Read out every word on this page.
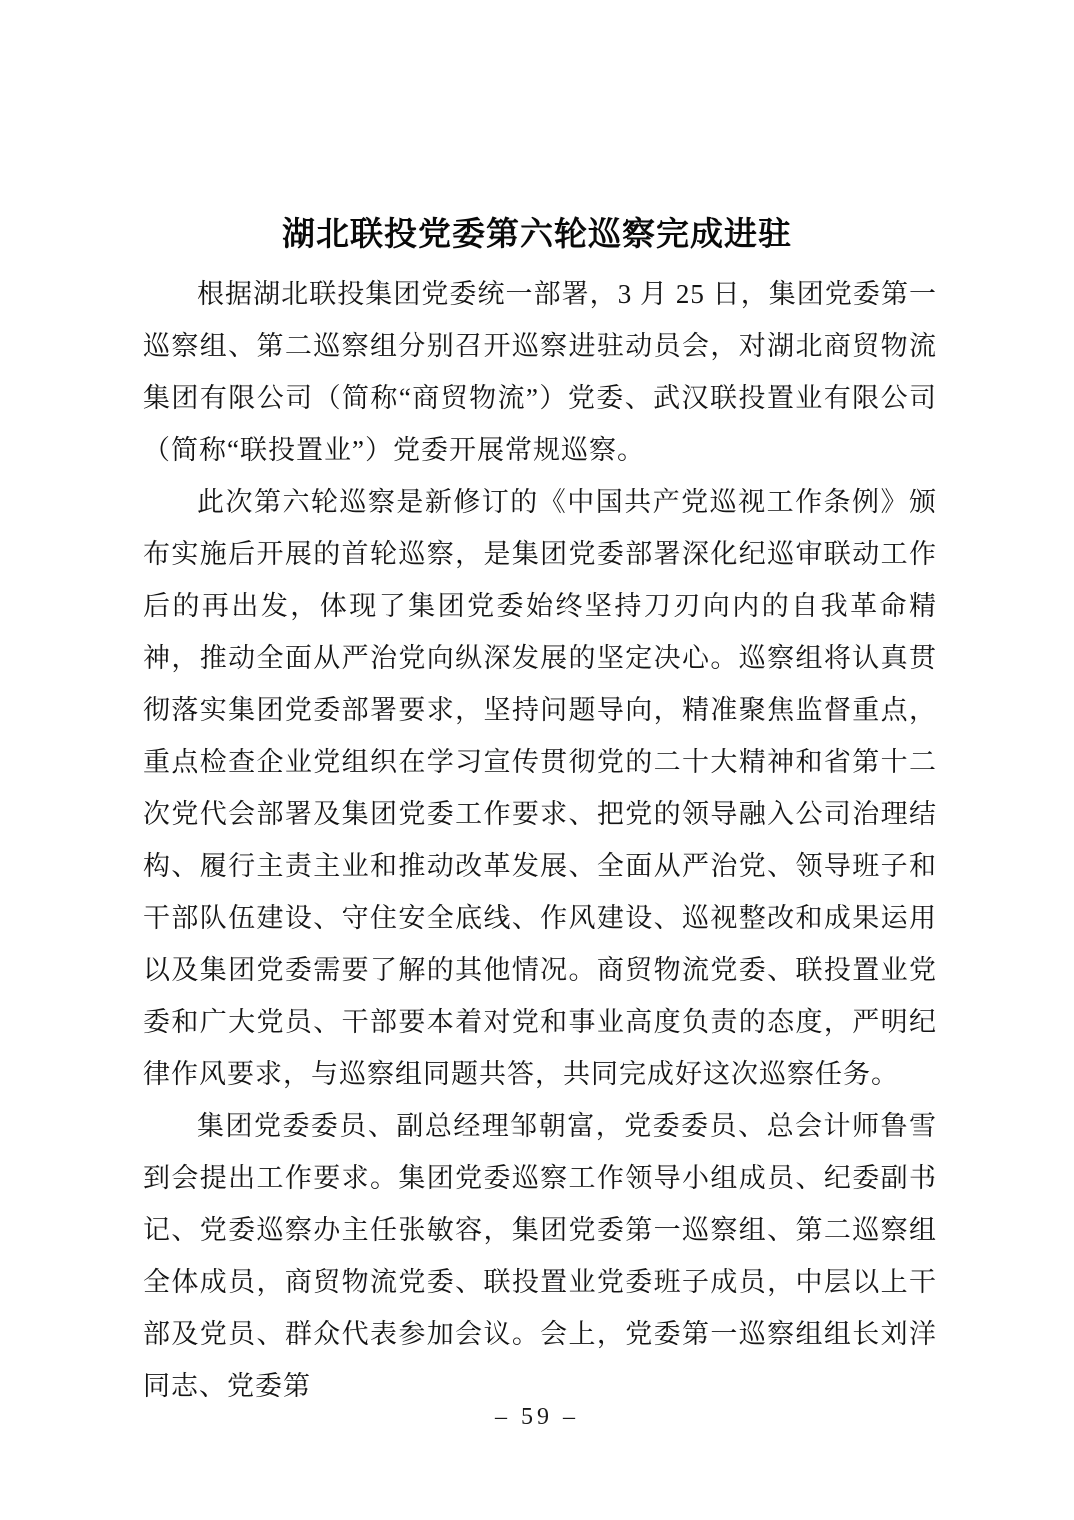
湖北联投党委第六轮巡察完成进驻

根据湖北联投集团党委统一部署，3 月 25 日，集团党委第一巡察组、第二巡察组分别召开巡察进驻动员会，对湖北商贸物流集团有限公司（简称“商贸物流”）党委、武汉联投置业有限公司（简称“联投置业”）党委开展常规巡察。

此次第六轮巡察是新修订的《中国共产党巡视工作条例》颁布实施后开展的首轮巡察，是集团党委部署深化纪巡审联动工作后的再出发，体现了集团党委始终坚持刀刃向内的自我革命精神，推动全面从严治党向纵深发展的坚定决心。巡察组将认真贯彻落实集团党委部署要求，坚持问题导向，精准聚焦监督重点，重点检查企业党组织在学习宣传贯彻党的二十大精神和省第十二次党代会部署及集团党委工作要求、把党的领导融入公司治理结构、履行主责主业和推动改革发展、全面从严治党、领导班子和干部队伍建设、守住安全底线、作风建设、巡视整改和成果运用以及集团党委需要了解的其他情况。商贸物流党委、联投置业党委和广大党员、干部要本着对党和事业高度负责的态度，严明纪律作风要求，与巡察组同题共答，共同完成好这次巡察任务。

集团党委委员、副总经理邹朝富，党委委员、总会计师鲁雪到会提出工作要求。集团党委巡察工作领导小组成员、纪委副书记、党委巡察办主任张敏容，集团党委第一巡察组、第二巡察组全体成员，商贸物流党委、联投置业党委班子成员，中层以上干部及党员、群众代表参加会议。会上，党委第一巡察组组长刘洋同志、党委第

– 59 –
